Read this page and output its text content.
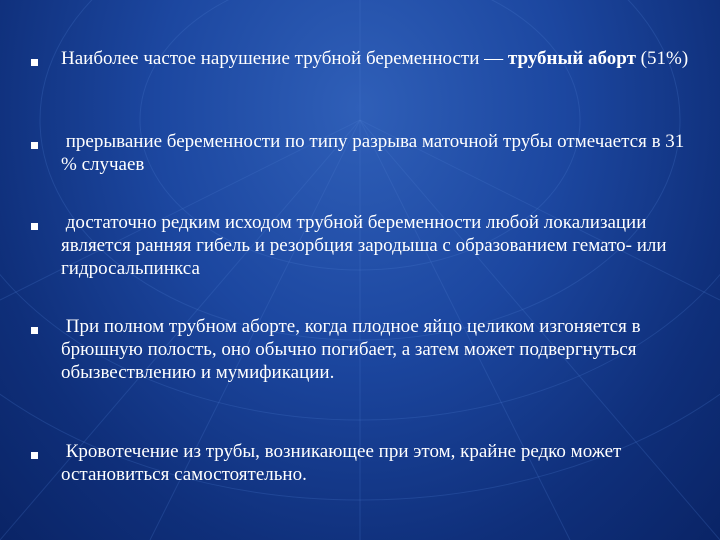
Наиболее частое нарушение трубной беременности — трубный аборт (51%)
прерывание беременности по типу разрыва маточной трубы отмечается в 31 % случаев
достаточно редким исходом трубной беременности любой локализации является ранняя гибель и резорбция зародыша с образованием гемато- или гидросальпинкса
При полном трубном аборте, когда плодное яйцо целиком изгоняется в брюшную полость, оно обычно погибает, а затем может подвергнуться обызвествлению и мумификации.
Кровотечение из трубы, возникающее при этом, крайне редко может остановиться самостоятельно.
